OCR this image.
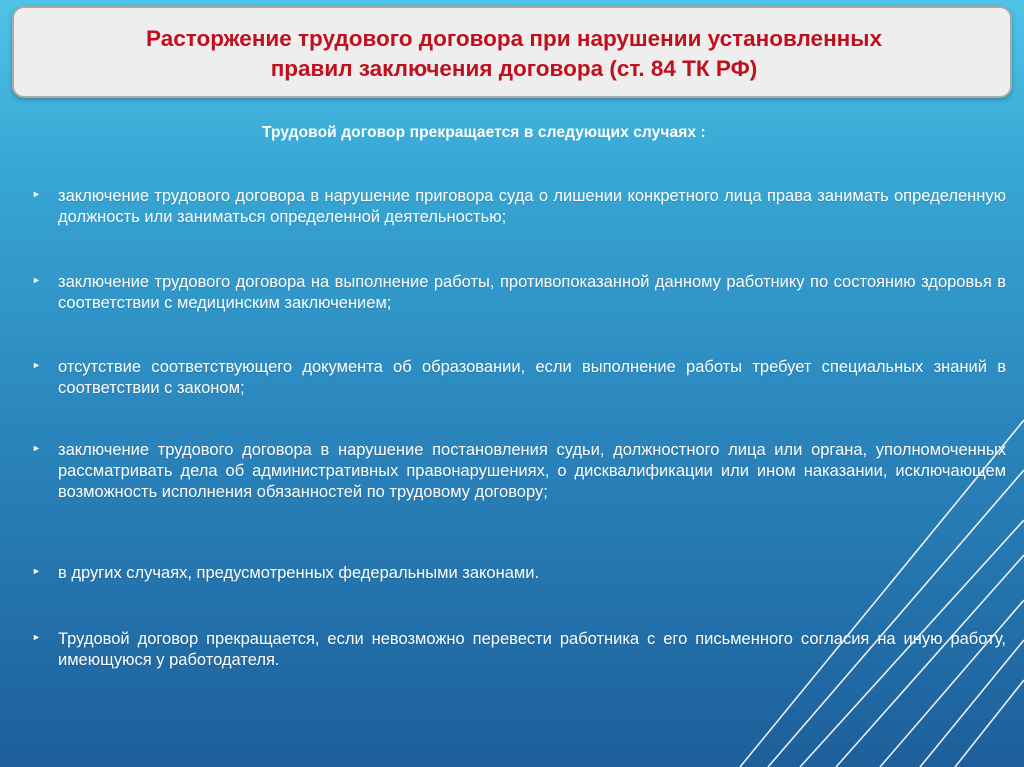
Расторжение трудового договора при нарушении установленных
правил заключения договора (ст. 84 ТК РФ)
Трудовой договор прекращается в следующих случаях :
► заключение трудового договора в нарушение приговора суда о лишении конкретного лица права занимать определенную должность или заниматься определенной деятельностью;
► заключение трудового договора на выполнение работы, противопоказанной данному работнику по состоянию здоровья в соответствии с медицинским заключением;
► отсутствие соответствующего документа об образовании, если выполнение работы требует специальных знаний в соответствии с законом;
► заключение трудового договора в нарушение постановления судьи, должностного лица или органа, уполномоченных рассматривать дела об административных правонарушениях, о дисквалификации или ином наказании, исключающем возможность исполнения обязанностей по трудовому договору;
► в других случаях, предусмотренных федеральными законами.
► Трудовой договор прекращается, если невозможно перевести работника с его письменного согласия на иную работу, имеющуюся у работодателя.
